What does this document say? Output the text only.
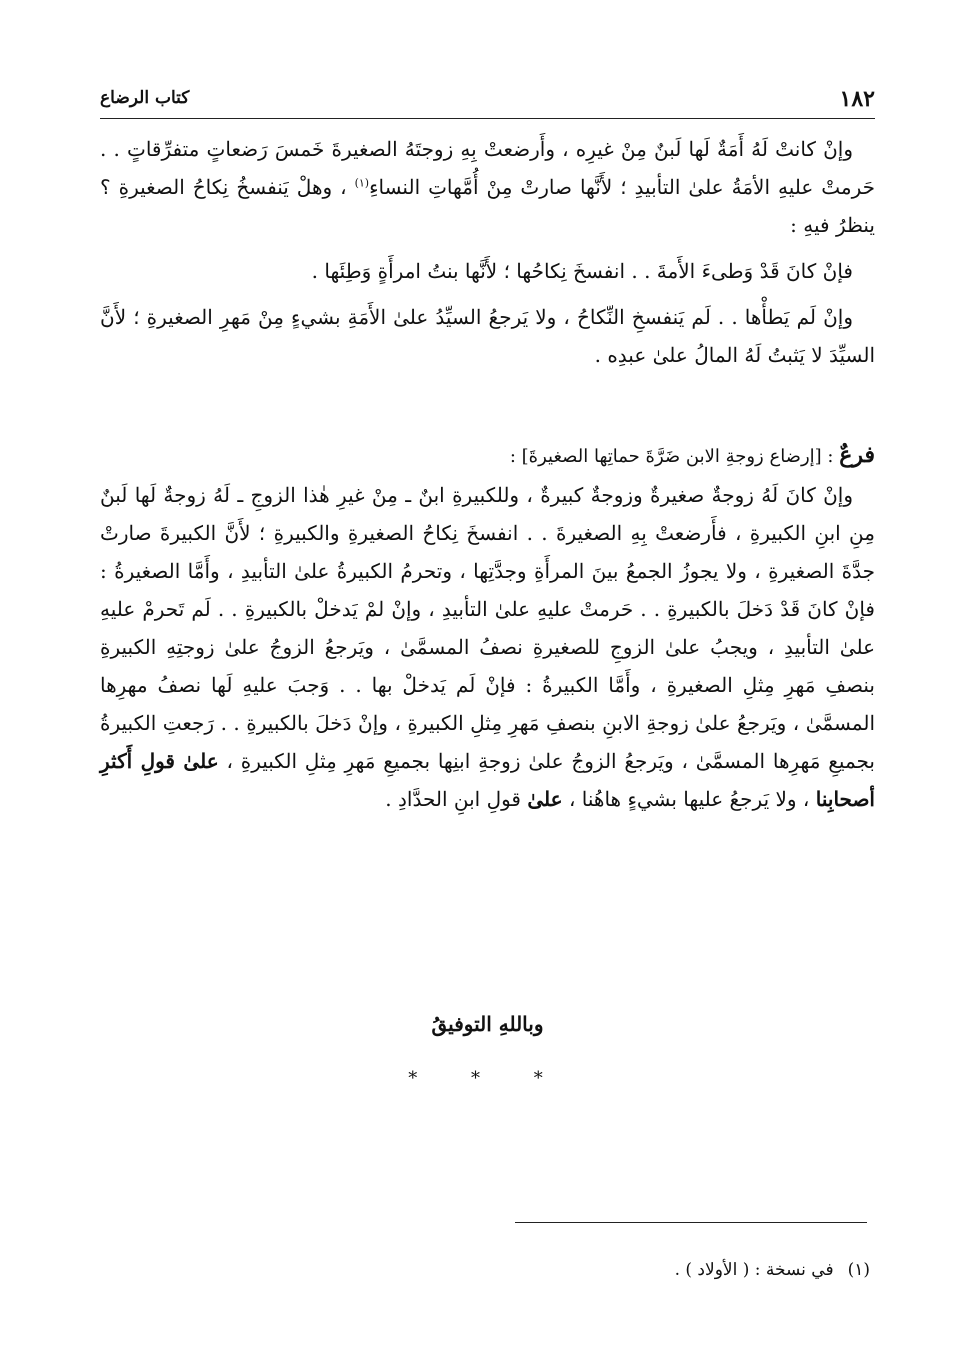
١٨٢
كتاب الرضاع

وإنْ كانتْ لَهُ أَمَةٌ لَها لَبنٌ مِنْ غيرِه ، وأَرضعتْ بِهِ زوجتَهُ الصغيرةَ خَمسَ رَضعاتٍ متفرِّقاتٍ . . حَرمتْ عليهِ الأمَةُ علىٰ التأبيدِ ؛ لأَنَّها صارتْ مِنْ أُمَّهاتِ النساءِ$^{(١)}$ ، وهلْ يَنفسخُ نِكاحُ الصغيرةِ ؟ ينظرُ فيهِ :

فإنْ كانَ قَدْ وَطىءَ الأَمةَ . . انفسخَ نِكاحُها ؛ لأَنَّها بنتُ امرأَةٍ وَطِئَها .

وإنْ لَم يَطأْها . . لَم يَنفسخِ النِّكاحُ ، ولا يَرجعُ السيِّدُ علىٰ الأَمَةِ بشيءٍ مِنْ مَهرِ الصغيرةِ ؛ لأَنَّ السيِّدَ لا يَثبتُ لَهُ المالُ علىٰ عبدِه .

فرعٌ : [إرضاع زوجةِ الابن ضَرَّةَ حماتِها الصغيرةَ] :

وإنْ كانَ لَهُ زوجةٌ صغيرةٌ وزوجةٌ كبيرةٌ ، وللكبيرةِ ابنٌ ـ مِنْ غيرِ هٰذا الزوجِ ـ لَهُ زوجةٌ لَها لَبنٌ مِنِ ابنِ الكبيرةِ ، فأَرضعتْ بِهِ الصغيرةَ . . انفسخَ نِكاحُ الصغيرةِ والكبيرةِ ؛ لأَنَّ الكبيرةَ صارتْ جدَّةَ الصغيرةِ ، ولا يجوزُ الجمعُ بينَ المرأَةِ وجدَّتِها ، وتحرمُ الكبيرةُ علىٰ التأبيدِ ، وأَمَّا الصغيرةُ : فإنْ كانَ قَدْ دَخلَ بالكبيرةِ . . حَرمتْ عليهِ علىٰ التأبيدِ ، وإنْ لمْ يَدخلْ بالكبيرةِ . . لَم تَحرمْ عليهِ علىٰ التأبيدِ ، ويجبُ علىٰ الزوجِ للصغيرةِ نصفُ المسمَّىٰ ، ويَرجعُ الزوجُ علىٰ زوجتِهِ الكبيرةِ بنصفِ مَهرِ مِثلِ الصغيرةِ ، وأَمَّا الكبيرةُ : فإنْ لَم يَدخلْ بها . . وَجبَ عليهِ لَها نصفُ مهرِها المسمَّىٰ ، ويَرجعُ علىٰ زوجةِ الابنِ بنصفِ مَهرِ مِثلِ الكبيرةِ ، وإنْ دَخلَ بالكبيرةِ . . رَجعتِ الكبيرةُ بجميعِ مَهرِها المسمَّىٰ ، ويَرجعُ الزوجُ علىٰ زوجةِ ابنِها بجميعِ مَهرِ مِثلِ الكبيرةِ ، علىٰ قولِ أَكثرِ أصحابِنا ، ولا يَرجعُ عليها بشيءٍ هاهُنا ، علىٰ قولِ ابنِ الحدَّادِ .

وباللهِ التوفيقُ
* * *
(١)في نسخة : ( الأولاد ) .
